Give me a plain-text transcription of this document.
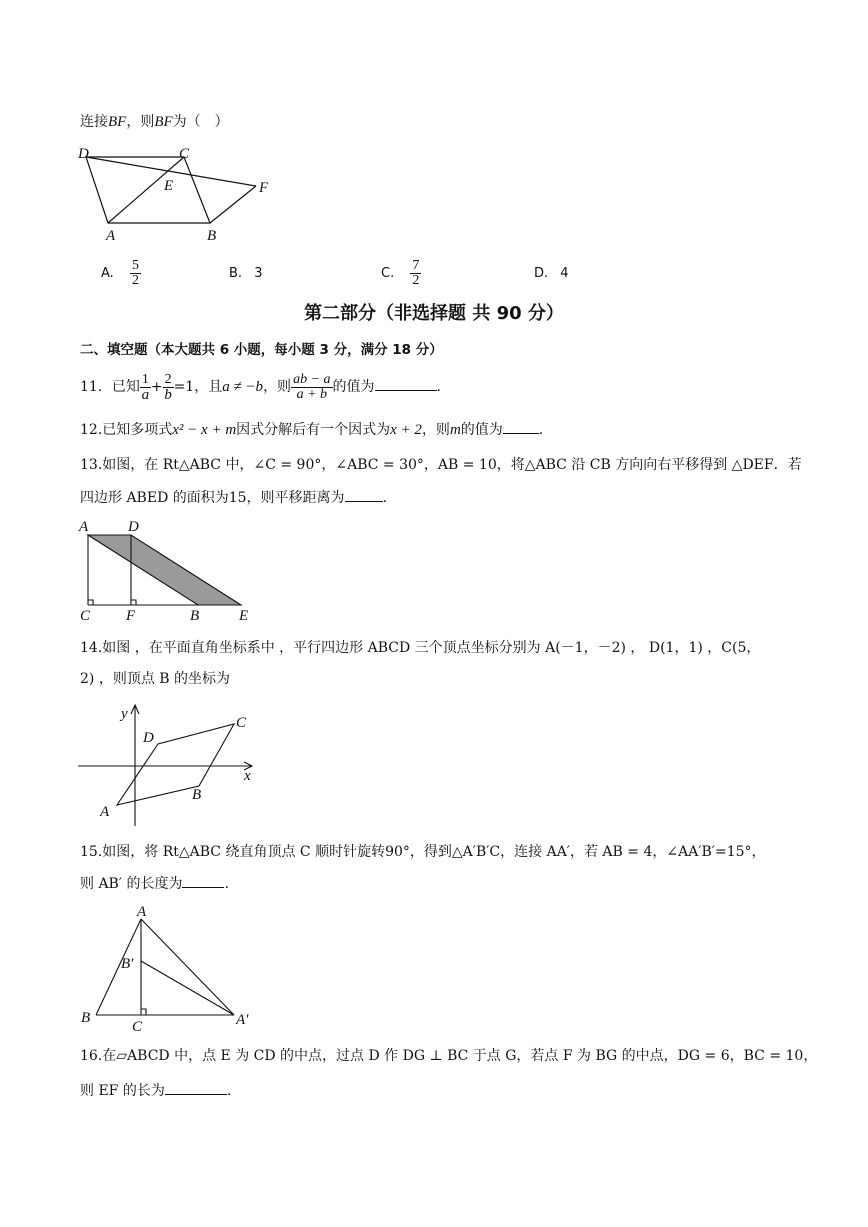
连接BF，则BF为（　）
D	C
E	F
A	B
A. $\frac{5}{2}$	B. 3	C. $\frac{7}{2}$	D. 4
第二部分（非选择题 共 90 分）
二、填空题（本大题共 6 小题，每小题 3 分，满分 18 分）
11．已知 $\frac{1}{a} + \frac{2}{b} =1$，且a ≠ −b，则 $\frac{ab - a}{a + b}$ 的值为	.
12.已知多项式x² − x + m因式分解后有一个因式为x + 2，则m的值为	.
13.如图，在 Rt△ABC 中，∠C = 90°，∠ABC = 30°，AB = 10，将△ABC 沿 CB 方向向右平移得到 △DEF．若
四边形 ABED 的面积为15，则平移距离为	.
A	D
C F	B	E
14.如图 ，在平面直角坐标系中 ，平行四边形 ABCD 三个顶点坐标分别为 A(－1，－2) ， D(1，1) ，C(5，
2) ，则顶点 B 的坐标为
y
x
D
C
A
B
15.如图，将 Rt△ABC 绕直角顶点 C 顺时针旋转90°，得到△A′B′C，连接 AA′，若 AB = 4，∠AA′B′=15°，
则 AB′ 的长度为	.
A
B′
B
C	A′
16.在▱ABCD 中，点 E 为 CD 的中点，过点 D 作 DG ⊥ BC 于点 G，若点 F 为 BG 的中点，DG = 6，BC = 10，
则 EF 的长为	.
